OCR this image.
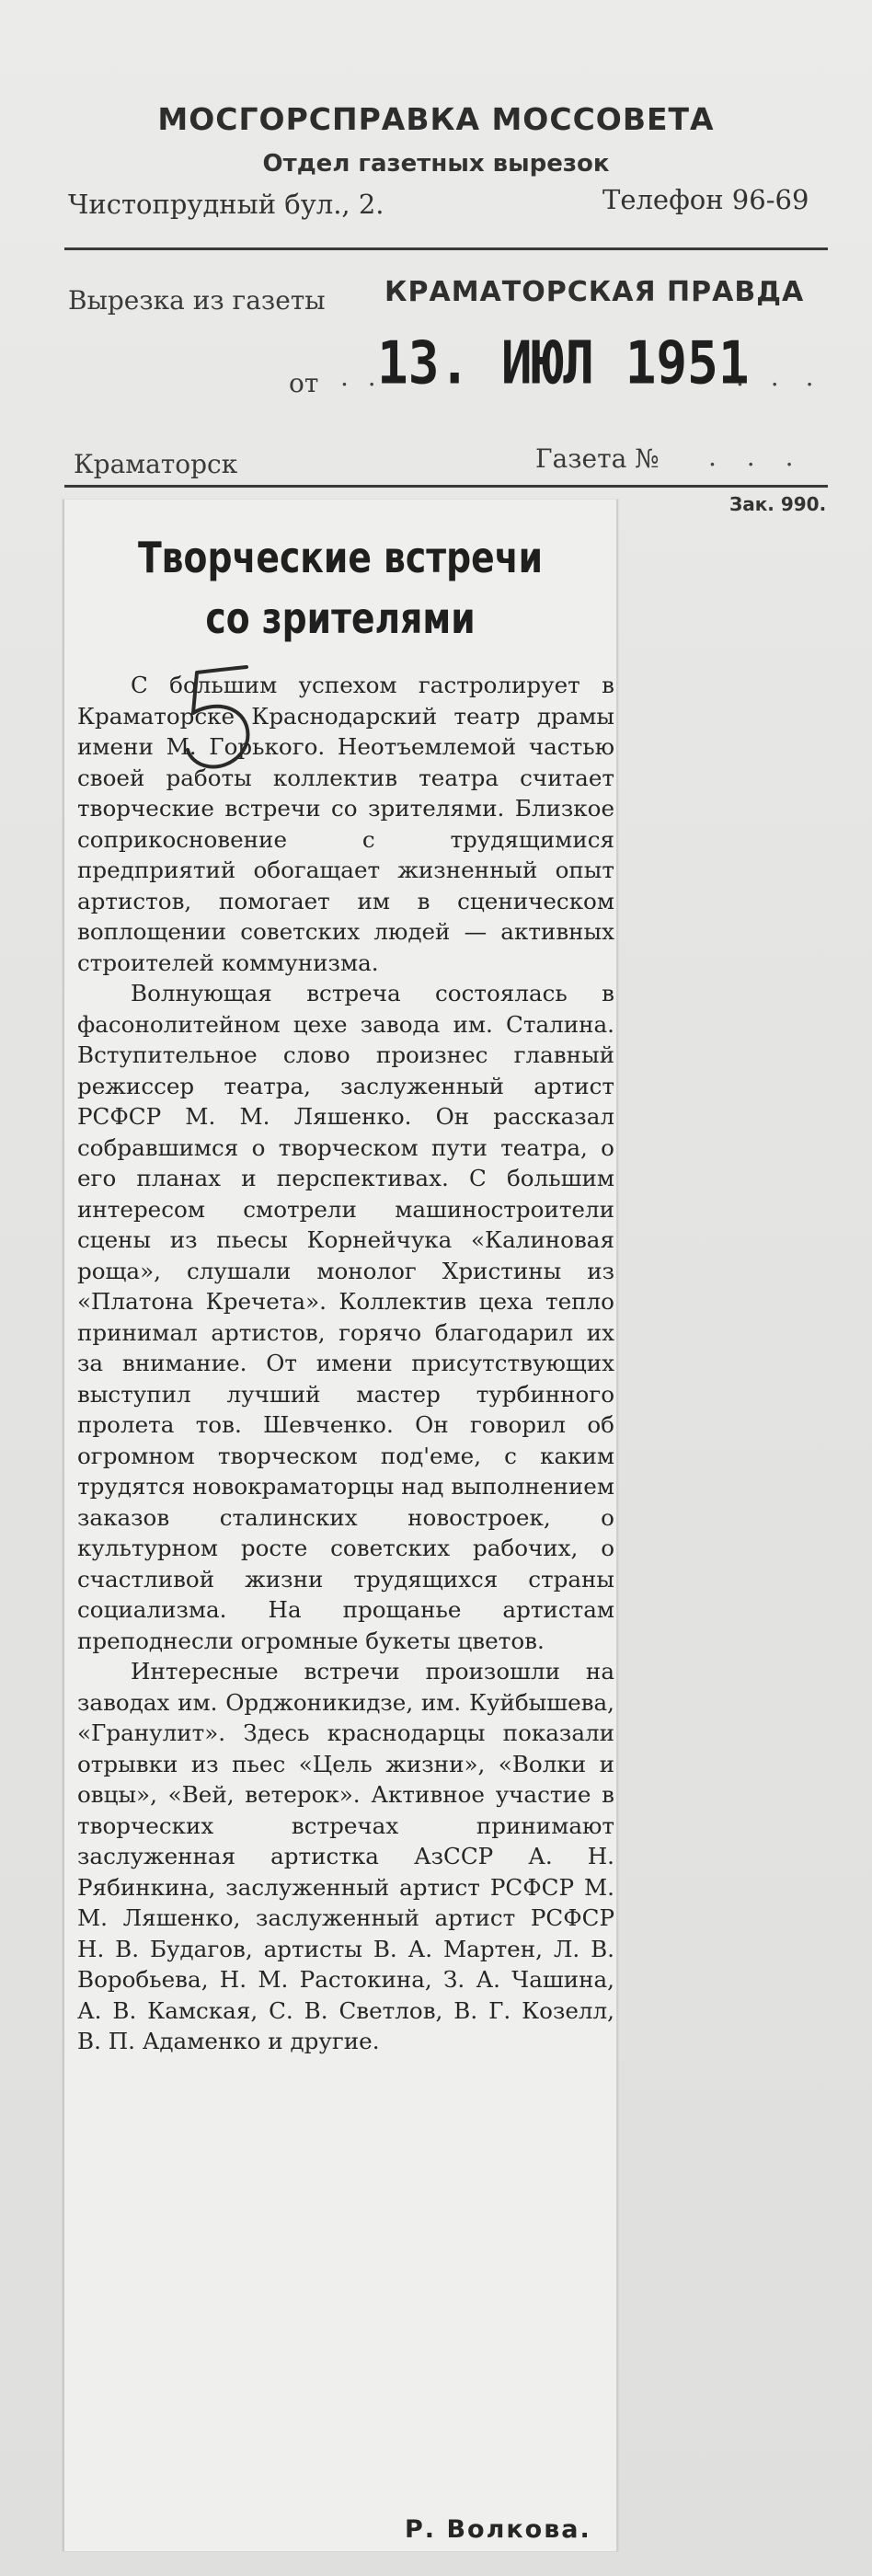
МОСГОРСПРАВКА МОССОВЕТА
Отдел газетных вырезок
Чистопрудный бул., 2.	Телефон 96-69
Вырезка из газеты КРАМАТОРСКАЯ ПРАВДА
. .
от 13. ИЮЛ 1951
. . .
Краматорск	Газета № . . .
Зак. 990.
Творческие встречи
со зрителями

С большим успехом гастролирует в Краматорске Краснодарский театр драмы имени М. Горького. Неотъемлемой частью своей работы коллектив театра считает творческие встречи со зрителями. Близкое соприкосновение с трудящимися предприятий обогащает жизненный опыт артистов, помогает им в сценическом воплощении советских людей — активных строителей коммунизма.

Волнующая встреча состоялась в фасонолитейном цехе завода им. Сталина. Вступительное слово произнес главный режиссер театра, заслуженный артист РСФСР М. М. Ляшенко. Он рассказал собравшимся о творческом пути театра, о его планах и перспективах. С большим интересом смотрели машиностроители сцены из пьесы Корнейчука «Калиновая роща», слушали монолог Христины из «Платона Кречета». Коллектив цеха тепло принимал артистов, горячо благодарил их за внимание. От имени присутствующих выступил лучший мастер турбинного пролета тов. Шевченко. Он говорил об огромном творческом под'еме, с каким трудятся новокраматорцы над выполнением заказов сталинских новостроек, о культурном росте советских рабочих, о счастливой жизни трудящихся страны социализма. На прощанье артистам преподнесли огромные букеты цветов.

Интересные встречи произошли на заводах им. Орджоникидзе, им. Куйбышева, «Гранулит». Здесь краснодарцы показали отрывки из пьес «Цель жизни», «Волки и овцы», «Вей, ветерок». Активное участие в творческих встречах принимают заслуженная артистка АзССР А. Н. Рябинкина, заслуженный артист РСФСР М. М. Ляшенко, заслуженный артист РСФСР Н. В. Будагов, артисты В. А. Мартен, Л. В. Воробьева, Н. М. Растокина, З. А. Чашина, А. В. Камская, С. В. Светлов, В. Г. Козелл, В. П. Адаменко и другие.

Р. Волкова.
